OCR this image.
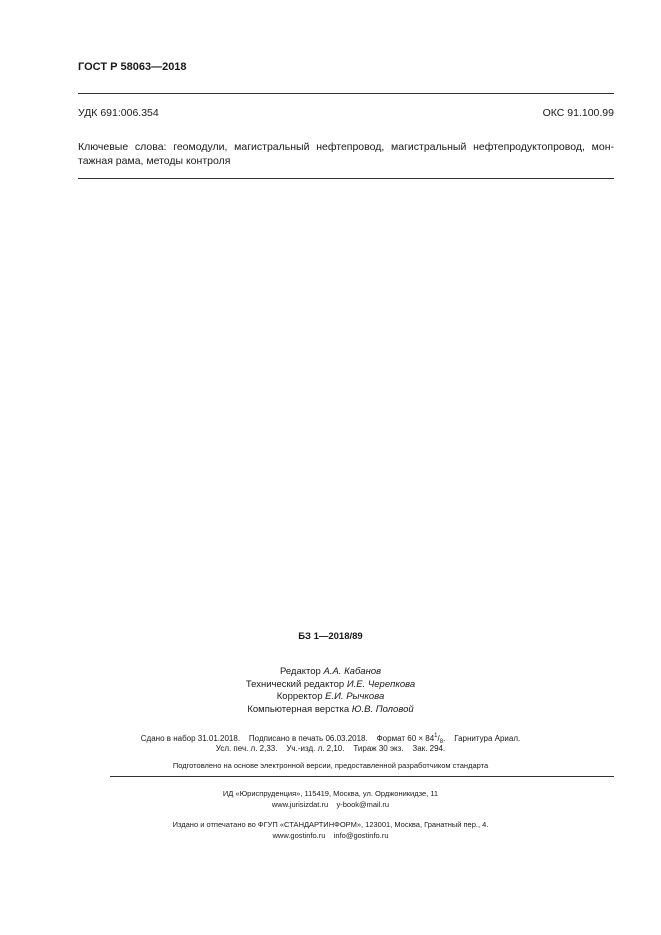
ГОСТ Р 58063—2018
УДК 691:006.354	ОКС 91.100.99
Ключевые слова: геомодули, магистральный нефтепровод, магистральный нефтепродуктопровод, мон-
тажная рама, методы контроля
БЗ 1—2018/89
Редактор А.А. Кабанов
Технический редактор И.Е. Черепкова
Корректор Е.И. Рычкова
Компьютерная верстка Ю.В. Половой
Сдано в набор 31.01.2018.    Подписано в печать 06.03.2018.    Формат $60 \times 84^1/_8$.    Гарнитура Ариал.
Усл. печ. л. 2,33.    Уч.-изд. л. 2,10.    Тираж 30 экз.    Зак. 294.
Подготовлено на основе электронной версии, предоставленной разработчиком стандарта
ИД «Юриспруденция», 115419, Москва, ул. Орджоникидзе, 11
www.jurisizdat.ru    y-book@mail.ru
Издано и отпечатано во ФГУП «СТАНДАРТИНФОРМ», 123001, Москва, Гранатный пер., 4.
www.gostinfo.ru    info@gostinfo.ru
